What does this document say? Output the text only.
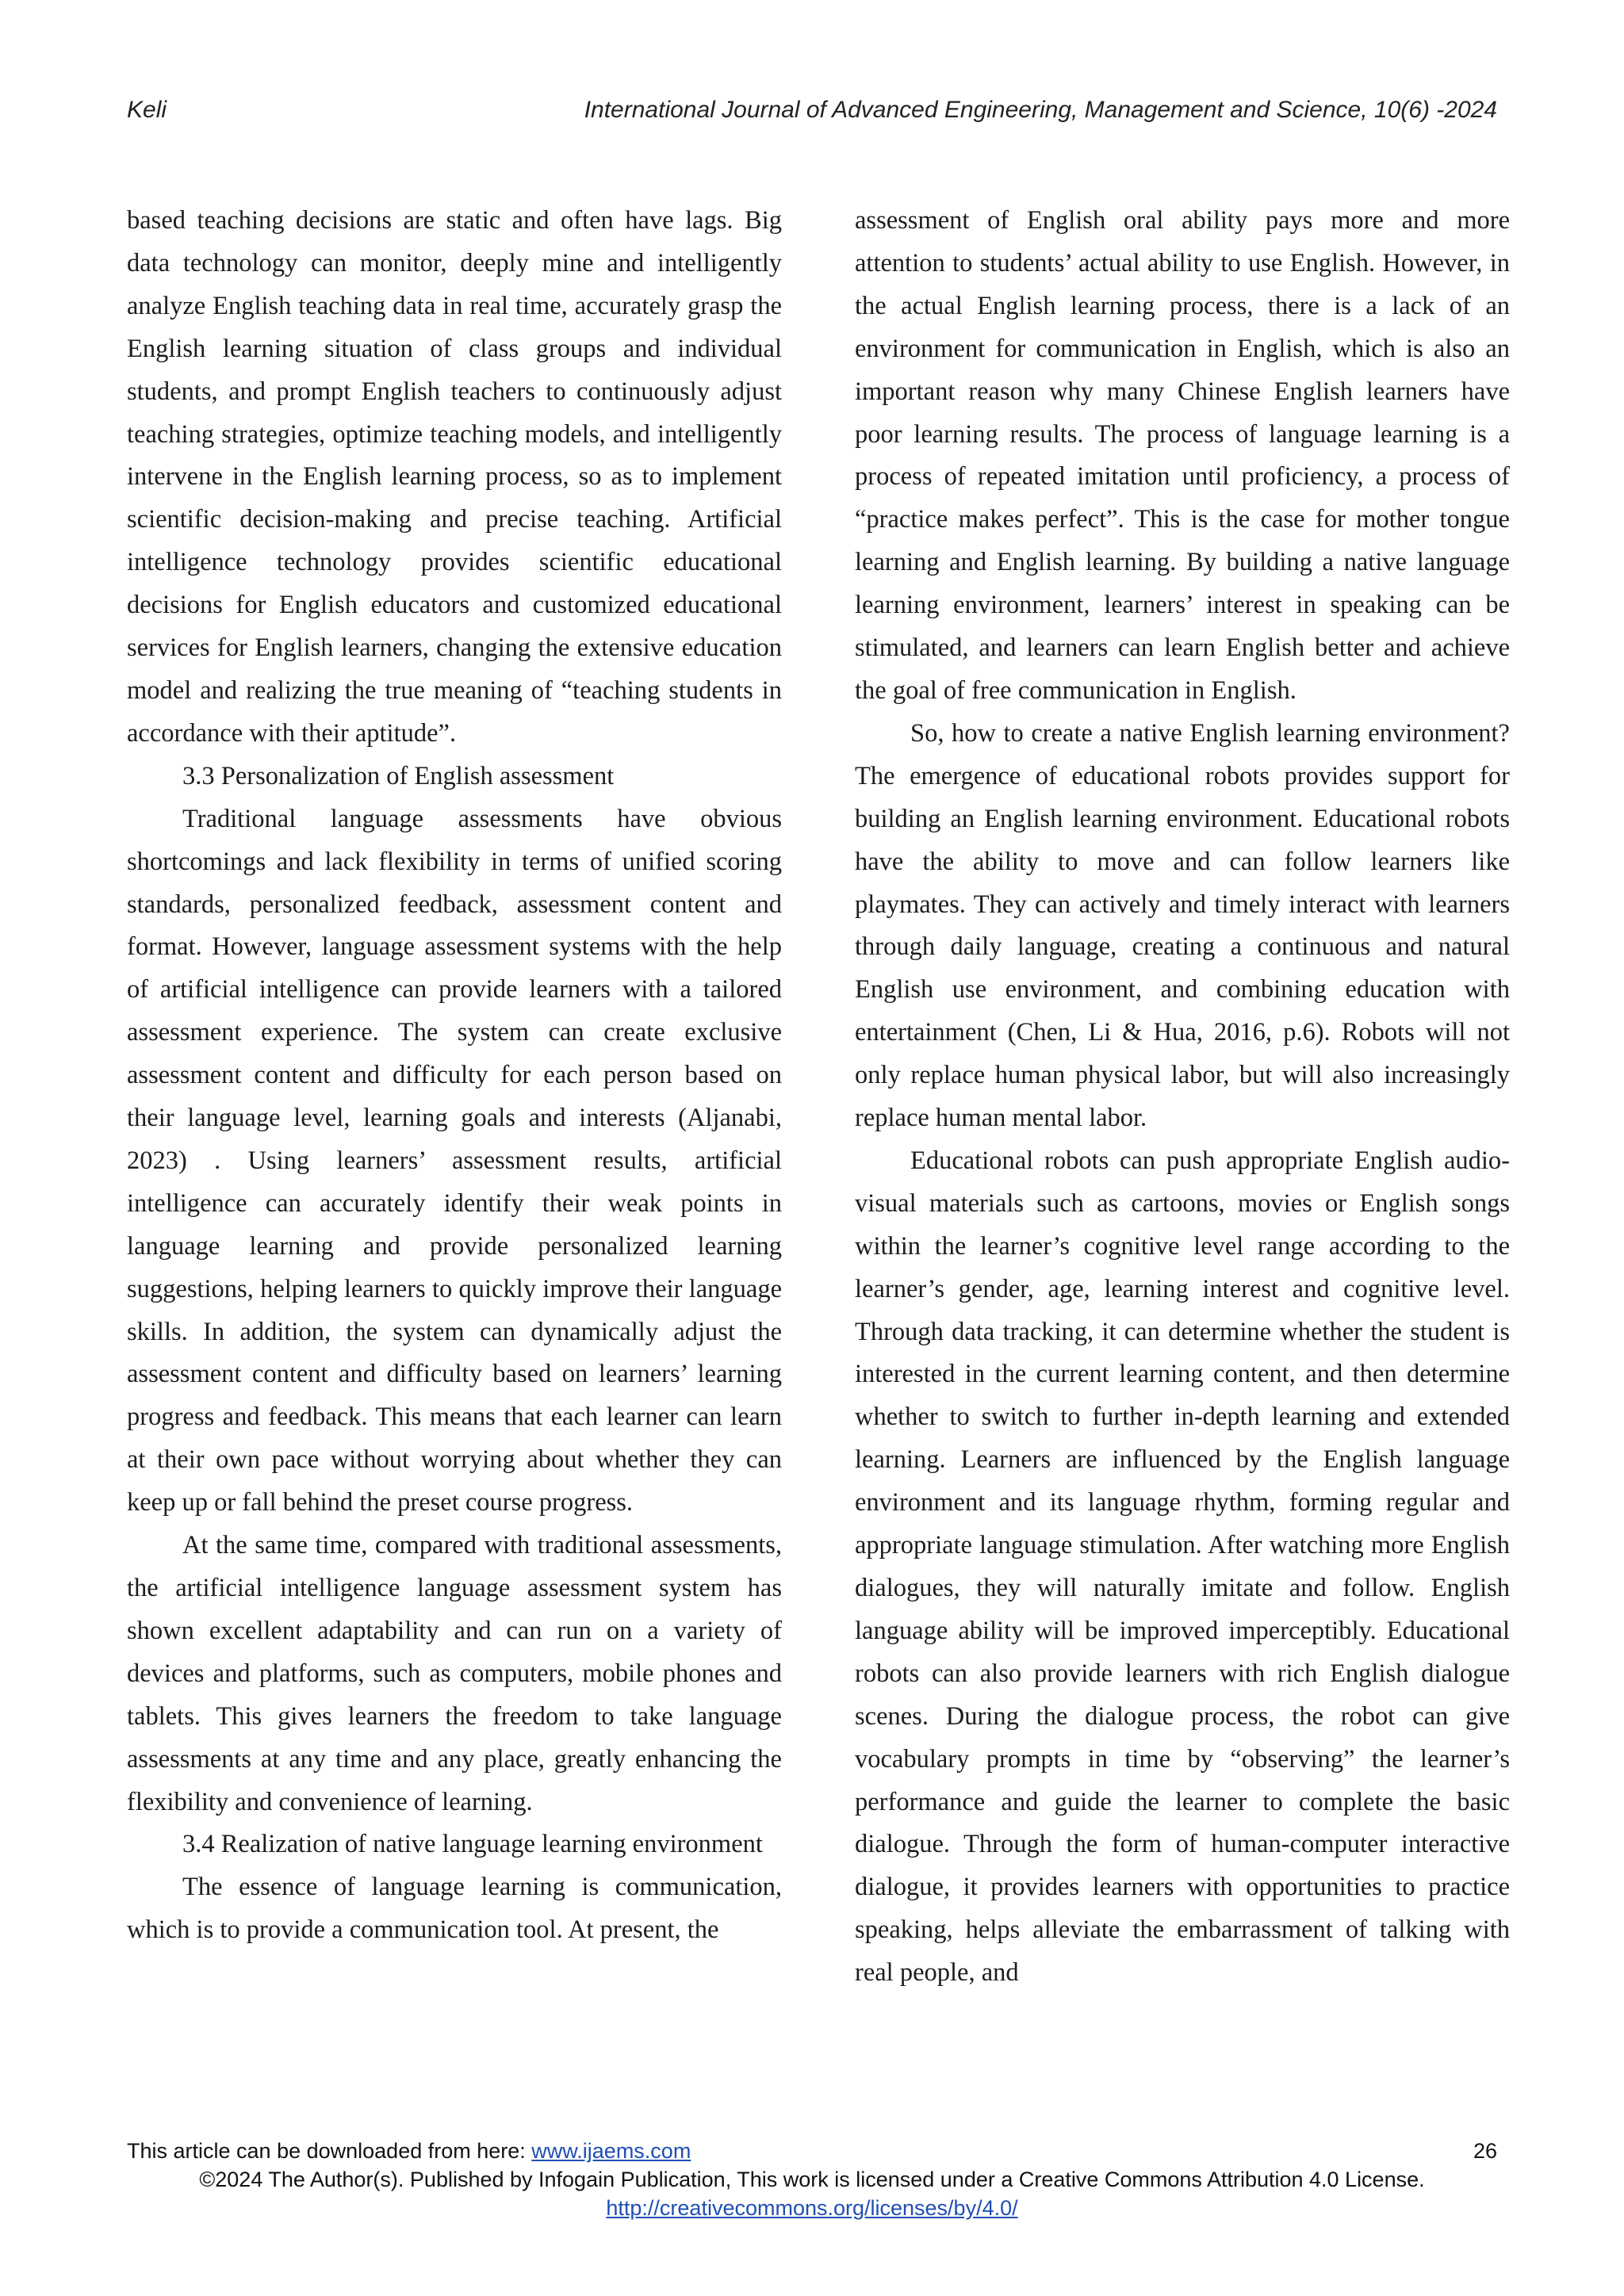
Keli	International Journal of Advanced Engineering, Management and Science, 10(6) -2024

based teaching decisions are static and often have lags. Big data technology can monitor, deeply mine and intelligently analyze English teaching data in real time, accurately grasp the English learning situation of class groups and individual students, and prompt English teachers to continuously adjust teaching strategies, optimize teaching models, and intelligently intervene in the English learning process, so as to implement scientific decision-making and precise teaching. Artificial intelligence technology provides scientific educational decisions for English educators and customized educational services for English learners, changing the extensive education model and realizing the true meaning of “teaching students in accordance with their aptitude”.

3.3 Personalization of English assessment

Traditional language assessments have obvious shortcomings and lack flexibility in terms of unified scoring standards, personalized feedback, assessment content and format. However, language assessment systems with the help of artificial intelligence can provide learners with a tailored assessment experience. The system can create exclusive assessment content and difficulty for each person based on their language level, learning goals and interests (Aljanabi, 2023) . Using learners’ assessment results, artificial intelligence can accurately identify their weak points in language learning and provide personalized learning suggestions, helping learners to quickly improve their language skills. In addition, the system can dynamically adjust the assessment content and difficulty based on learners’ learning progress and feedback. This means that each learner can learn at their own pace without worrying about whether they can keep up or fall behind the preset course progress.

At the same time, compared with traditional assessments, the artificial intelligence language assessment system has shown excellent adaptability and can run on a variety of devices and platforms, such as computers, mobile phones and tablets. This gives learners the freedom to take language assessments at any time and any place, greatly enhancing the flexibility and convenience of learning.

3.4 Realization of native language learning environment

The essence of language learning is communication, which is to provide a communication tool. At present, the

assessment of English oral ability pays more and more attention to students’ actual ability to use English. However, in the actual English learning process, there is a lack of an environment for communication in English, which is also an important reason why many Chinese English learners have poor learning results. The process of language learning is a process of repeated imitation until proficiency, a process of “practice makes perfect”. This is the case for mother tongue learning and English learning. By building a native language learning environment, learners’ interest in speaking can be stimulated, and learners can learn English better and achieve the goal of free communication in English.

So, how to create a native English learning environment? The emergence of educational robots provides support for building an English learning environment. Educational robots have the ability to move and can follow learners like playmates. They can actively and timely interact with learners through daily language, creating a continuous and natural English use environment, and combining education with entertainment (Chen, Li & Hua, 2016, p.6). Robots will not only replace human physical labor, but will also increasingly replace human mental labor.

Educational robots can push appropriate English audio-visual materials such as cartoons, movies or English songs within the learner’s cognitive level range according to the learner’s gender, age, learning interest and cognitive level. Through data tracking, it can determine whether the student is interested in the current learning content, and then determine whether to switch to further in-depth learning and extended learning. Learners are influenced by the English language environment and its language rhythm, forming regular and appropriate language stimulation. After watching more English dialogues, they will naturally imitate and follow. English language ability will be improved imperceptibly. Educational robots can also provide learners with rich English dialogue scenes. During the dialogue process, the robot can give vocabulary prompts in time by “observing” the learner’s performance and guide the learner to complete the basic dialogue. Through the form of human-computer interactive dialogue, it provides learners with opportunities to practice speaking, helps alleviate the embarrassment of talking with real people, and

This article can be downloaded from here: www.ijaems.com	26
©2024 The Author(s). Published by Infogain Publication, This work is licensed under a Creative Commons Attribution 4.0 License.
http://creativecommons.org/licenses/by/4.0/
